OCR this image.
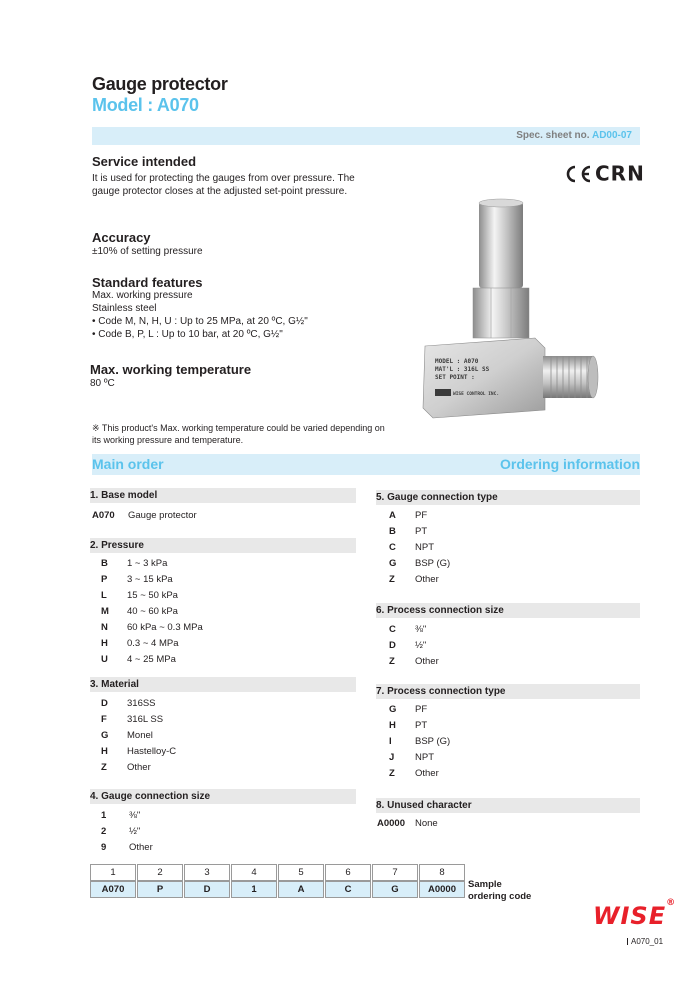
Gauge protector
Model : A070
Spec. sheet no. AD00-07
CRN
Service intended
It is used for protecting the gauges from over pressure. The gauge protector closes at the adjusted set-point pressure.
Accuracy
±10% of setting pressure
Standard features
Max. working pressure
Stainless steel
• Code M, N, H, U : Up to 25 MPa, at 20 ºC, G½"
• Code B, P, L : Up to 10 bar, at 20 ºC, G½"
Max. working temperature
80 ºC
※ This product's Max. working temperature could be varied depending on its working pressure and temperature.
MODEL : A070
MAT'L : 316L SS
SET POINT :
WISE CONTROL INC.
Main order	Ordering information
1. Base model
A070 Gauge protector
2. Pressure
B 1 ~ 3 kPa
P 3 ~ 15 kPa
L 15 ~ 50 kPa
M 40 ~ 60 kPa
N 60 kPa ~ 0.3 MPa
H 0.3 ~ 4 MPa
U 4 ~ 25 MPa
3. Material
D 316SS
F 316L SS
G Monel
H Hastelloy-C
Z Other
4. Gauge connection size
1 ⅜"
2 ½"
9 Other
5. Gauge connection type
A PF
B PT
C NPT
G BSP (G)
Z Other
6. Process connection size
C ⅜"
D ½"
Z Other
7. Process connection type
G PF
H PT
I BSP (G)
J NPT
Z Other
8. Unused character
A0000 None
1	2	3	4	5	6	7	8
A070	P	D	1	A	C	G	A0000	Sample
ordering code
WISE®
A070_01
